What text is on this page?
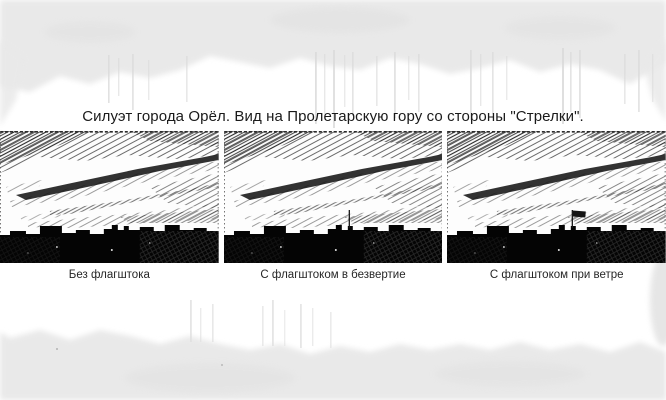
Силуэт города Орёл. Вид на Пролетарскую гору со стороны "Стрелки".
Без флагштока	С флагштоком в безвертие	С флагштоком при ветре
